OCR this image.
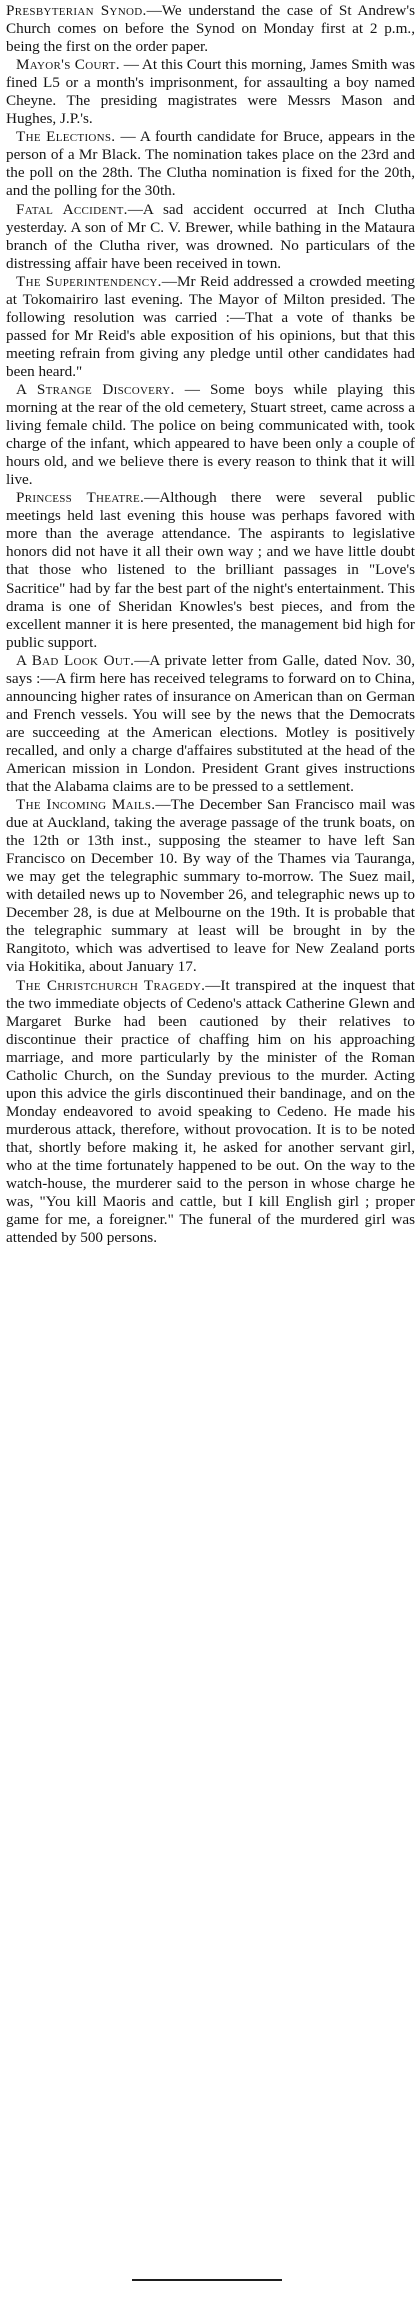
Presbyterian Synod.—We understand the case of St Andrew's Church comes on before the Synod on Monday first at 2 p.m., being the first on the order paper.

Mayor's Court. — At this Court this morning, James Smith was fined L5 or a month's imprisonment, for assaulting a boy named Cheyne. The presiding magistrates were Messrs Mason and Hughes, J.P.'s.

The Elections. — A fourth candidate for Bruce, appears in the person of a Mr Black. The nomination takes place on the 23rd and the poll on the 28th. The Clutha nomination is fixed for the 20th, and the polling for the 30th.

Fatal Accident.—A sad accident occurred at Inch Clutha yesterday. A son of Mr C. V. Brewer, while bathing in the Mataura branch of the Clutha river, was drowned. No particulars of the distressing affair have been received in town.

The Superintendency.—Mr Reid addressed a crowded meeting at Tokomairiro last evening. The Mayor of Milton presided. The following resolution was carried :—That a vote of thanks be passed for Mr Reid's able exposition of his opinions, but that this meeting refrain from giving any pledge until other candidates had been heard."

A Strange Discovery. — Some boys while playing this morning at the rear of the old cemetery, Stuart street, came across a living female child. The police on being communicated with, took charge of the infant, which appeared to have been only a couple of hours old, and we believe there is every reason to think that it will live.

Princess Theatre.—Although there were several public meetings held last evening this house was perhaps favored with more than the average attendance. The aspirants to legislative honors did not have it all their own way ; and we have little doubt that those who listened to the brilliant passages in "Love's Sacritice" had by far the best part of the night's entertainment. This drama is one of Sheridan Knowles's best pieces, and from the excellent manner it is here presented, the management bid high for public support.

A Bad Look Out.—A private letter from Galle, dated Nov. 30, says :—A firm here has received telegrams to forward on to China, announcing higher rates of insurance on American than on German and French vessels. You will see by the news that the Democrats are succeeding at the American elections. Motley is positively recalled, and only a charge d'affaires substituted at the head of the American mission in London. President Grant gives instructions that the Alabama claims are to be pressed to a settlement.

The Incoming Mails.—The December San Francisco mail was due at Auckland, taking the average passage of the trunk boats, on the 12th or 13th inst., supposing the steamer to have left San Francisco on December 10. By way of the Thames via Tauranga, we may get the telegraphic summary to-morrow. The Suez mail, with detailed news up to November 26, and telegraphic news up to December 28, is due at Melbourne on the 19th. It is probable that the telegraphic summary at least will be brought in by the Rangitoto, which was advertised to leave for New Zealand ports via Hokitika, about January 17.

The Christchurch Tragedy.—It transpired at the inquest that the two immediate objects of Cedeno's attack Catherine Glewn and Margaret Burke had been cautioned by their relatives to discontinue their practice of chaffing him on his approaching marriage, and more particularly by the minister of the Roman Catholic Church, on the Sunday previous to the murder. Acting upon this advice the girls discontinued their bandinage, and on the Monday endeavored to avoid speaking to Cedeno. He made his murderous attack, therefore, without provocation. It is to be noted that, shortly before making it, he asked for another servant girl, who at the time fortunately happened to be out. On the way to the watch-house, the murderer said to the person in whose charge he was, "You kill Maoris and cattle, but I kill English girl ; proper game for me, a foreigner." The funeral of the murdered girl was attended by 500 persons.
